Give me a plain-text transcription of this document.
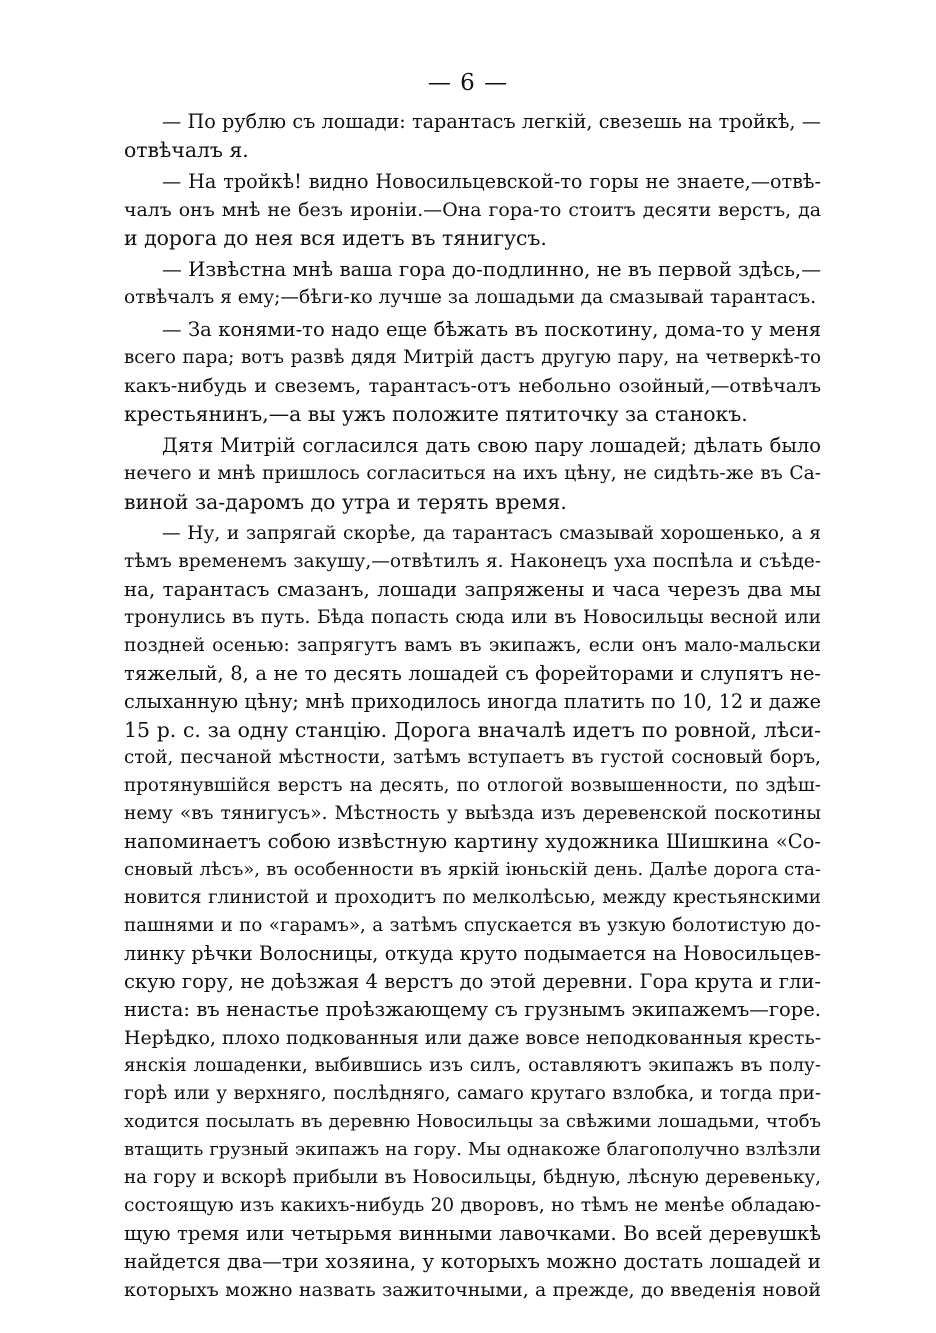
— 6 —
— По рублю съ лошади: тарантасъ легкій, свезешь на тройкѣ, —
отвѣчалъ я.
— На тройкѣ! видно Новосильцевской-то горы не знаете,—отвѣ-
чалъ онъ мнѣ не безъ ироніи.—Она гора-то стоитъ десяти верстъ, да
и дорога до нея вся идетъ въ тянигусъ.
— Извѣстна мнѣ ваша гора до-подлинно, не въ первой здѣсь,—
отвѣчалъ я ему;—бѣги-ко лучше за лошадьми да смазывай тарантасъ.
— За конями-то надо еще бѣжать въ поскотину, дома-то у меня
всего пара; вотъ развѣ дядя Митрій дастъ другую пару, на четверкѣ-то
какъ-нибудь и свеземъ, тарантасъ-отъ небольно озойный,—отвѣчалъ
крестьянинъ,—а вы ужъ положите пятиточку за станокъ.
Дятя Митрій согласился дать свою пару лошадей; дѣлать было
нечего и мнѣ пришлось согласиться на ихъ цѣну, не сидѣть-же въ Са-
виной за-даромъ до утра и терять время.
— Ну, и запрягай скорѣе, да тарантасъ смазывай хорошенько, а я
тѣмъ временемъ закушу,—отвѣтилъ я. Наконецъ уха поспѣла и съѣде-
на, тарантасъ смазанъ, лошади запряжены и часа черезъ два мы
тронулись въ путь. Бѣда попасть сюда или въ Новосильцы весной или
поздней осенью: запрягутъ вамъ въ экипажъ, если онъ мало-мальски
тяжелый, 8, а не то десять лошадей съ форейторами и слупятъ не-
слыханную цѣну; мнѣ приходилось иногда платить по 10, 12 и даже
15 р. с. за одну станцію. Дорога вначалѣ идетъ по ровной, лѣси-
стой, песчаной мѣстности, затѣмъ вступаетъ въ густой сосновый боръ,
протянувшійся верстъ на десять, по отлогой возвышенности, по здѣш-
нему «въ тянигусъ». Мѣстность у выѣзда изъ деревенской поскотины
напоминаетъ собою извѣстную картину художника Шишкина «Со-
сновый лѣсъ», въ особенности въ яркій іюньскій день. Далѣе дорога ста-
новится глинистой и проходитъ по мелколѣсью, между крестьянскими
пашнями и по «гарамъ», а затѣмъ спускается въ узкую болотистую до-
линку рѣчки Волосницы, откуда круто подымается на Новосильцев-
скую гору, не доѣзжая 4 верстъ до этой деревни. Гора крута и гли-
ниста: въ ненастье проѣзжающему съ грузнымъ экипажемъ—горе.
Нерѣдко, плохо подкованныя или даже вовсе неподкованныя кресть-
янскія лошаденки, выбившись изъ силъ, оставляютъ экипажъ въ полу-
горѣ или у верхняго, послѣдняго, самаго крутаго взлобка, и тогда при-
ходится посылать въ деревню Новосильцы за свѣжими лошадьми, чтобъ
втащить грузный экипажъ на гору. Мы однакоже благополучно взлѣзли
на гору и вскорѣ прибыли въ Новосильцы, бѣдную, лѣсную деревеньку,
состоящую изъ какихъ-нибудь 20 дворовъ, но тѣмъ не менѣе обладаю-
щую тремя или четырьмя винными лавочками. Во всей деревушкѣ
найдется два—три хозяина, у которыхъ можно достать лошадей и
которыхъ можно назвать зажиточными, а прежде, до введенія новой
